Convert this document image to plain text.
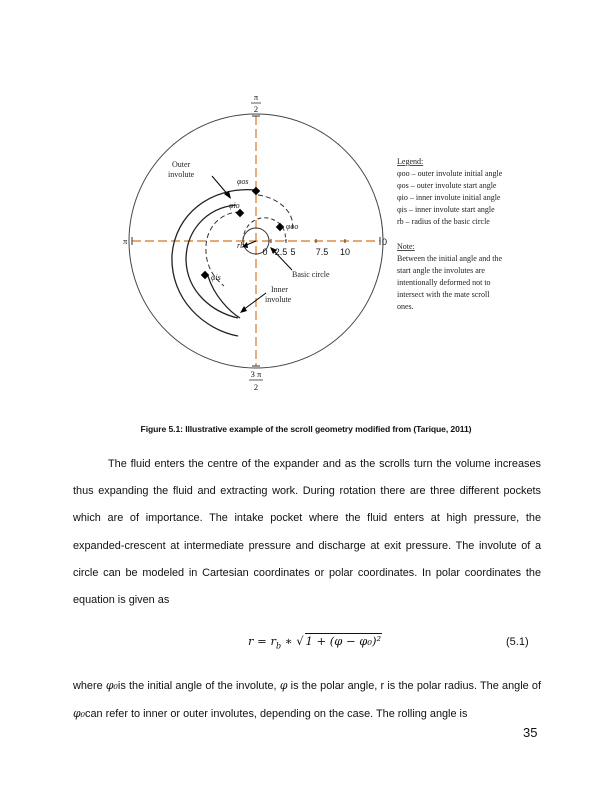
π
2
3 π
2
π	0
0 2.5 5 7.5 10
Outer
involute
Inner
involute
Basic circle
φos
φio
φoo
φis
rb
Legend:
φoo – outer involute initial angle
φos – outer involute start angle
φio – inner involute initial angle
φis – inner involute start angle
rb – radius of the basic circle
Note:
Between the initial angle and the
start angle the involutes are
intentionally deformed not to
intersect with the mate scroll
ones.
Figure 5.1: Illustrative example of the scroll geometry modified from (Tarique, 2011)

The fluid enters the centre of the expander and as the scrolls turn the volume increases thus expanding the fluid and extracting work. During rotation there are three different pockets which are of importance. The intake pocket where the fluid enters at high pressure, the expanded-crescent at intermediate pressure and discharge at exit pressure. The involute of a circle can be modeled in Cartesian coordinates or polar coordinates. In polar coordinates the equation is given as

$r = r_b$ ∗ √ 1 + (φ − φ₀)²	(5.1)

where φ₀is the initial angle of the involute, φ is the polar angle, r is the polar radius. The angle of φ₀can refer to inner or outer involutes, depending on the case. The rolling angle is

35
